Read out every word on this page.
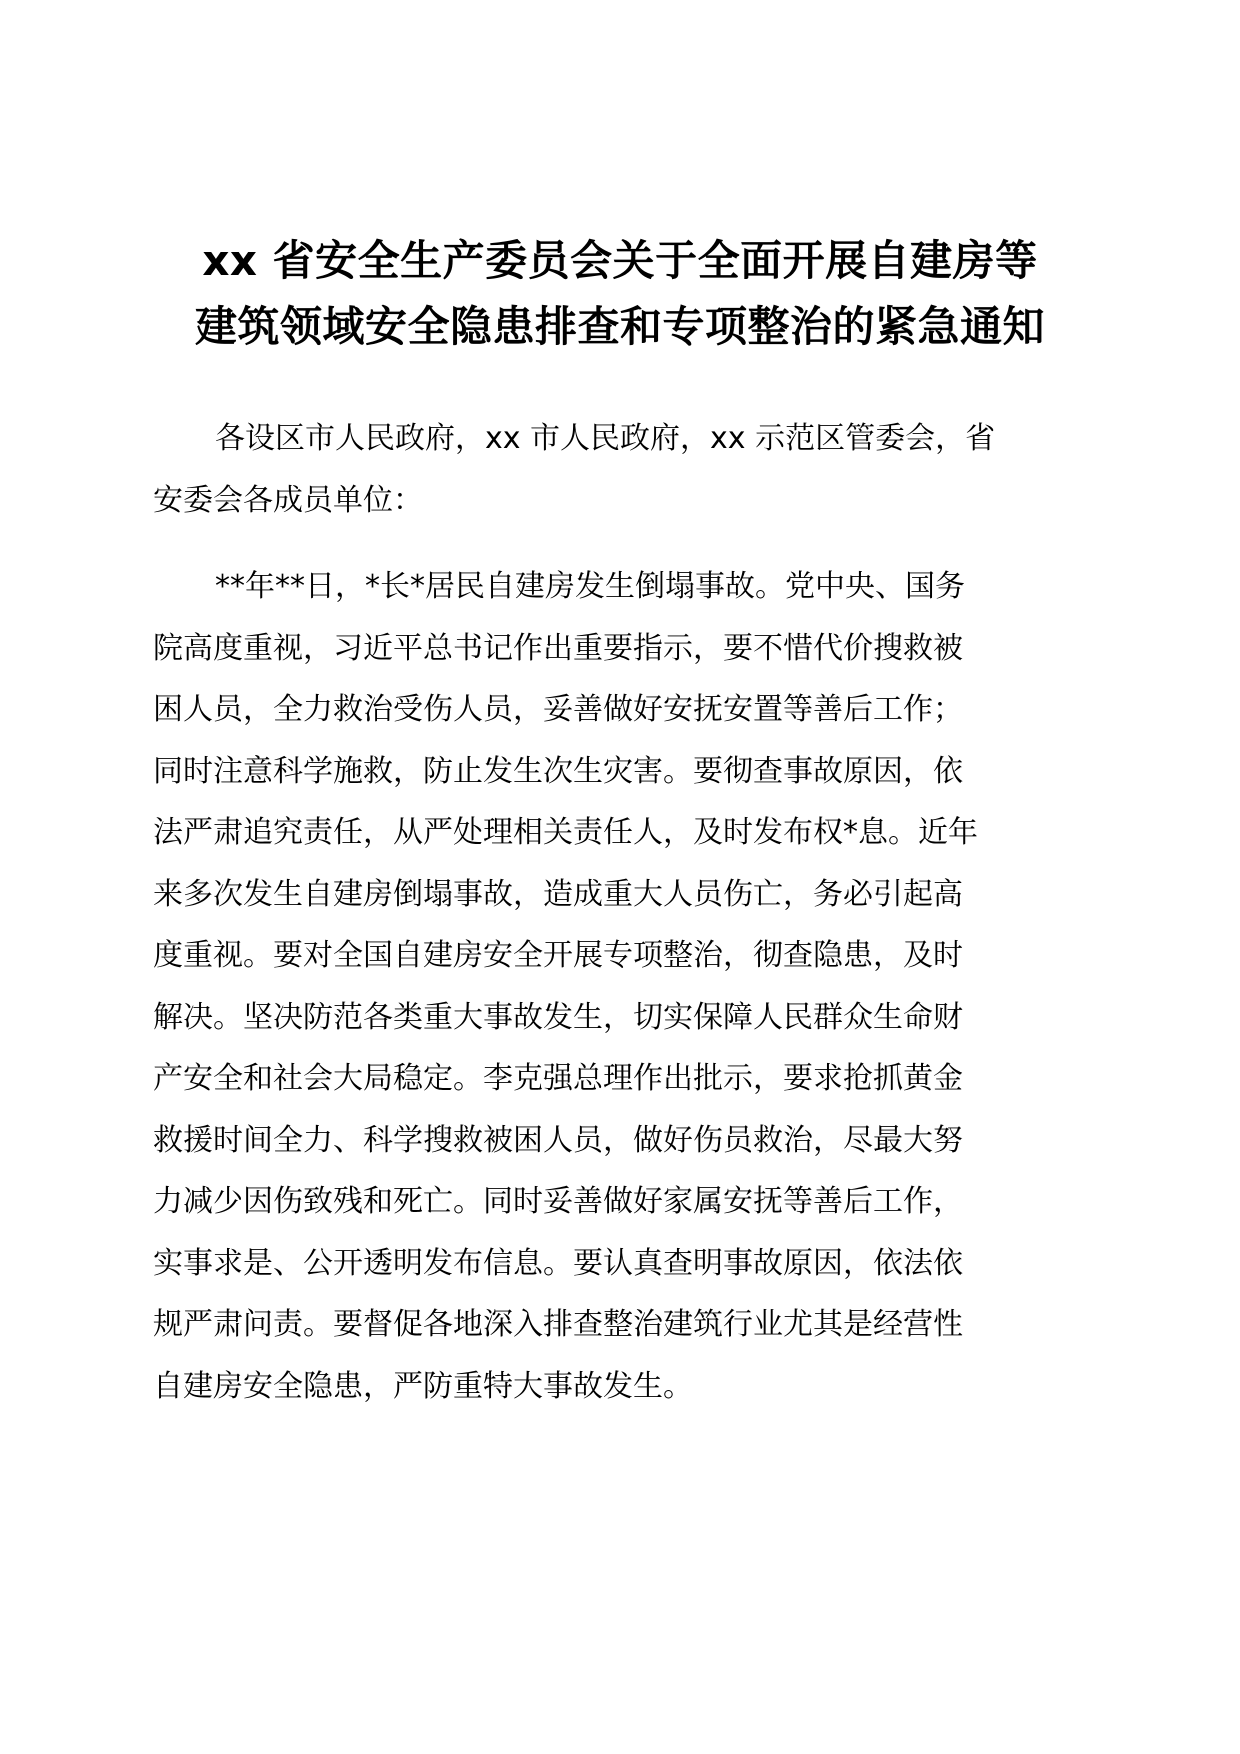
xx 省安全生产委员会关于全面开展自建房等
建筑领域安全隐患排查和专项整治的紧急通知
各设区市人民政府，xx 市人民政府，xx 示范区管委会，省
安委会各成员单位：
**年**日，*长*居民自建房发生倒塌事故。党中央、国务
院高度重视，习近平总书记作出重要指示，要不惜代价搜救被
困人员，全力救治受伤人员，妥善做好安抚安置等善后工作；
同时注意科学施救，防止发生次生灾害。要彻查事故原因，依
法严肃追究责任，从严处理相关责任人，及时发布权*息。近年
来多次发生自建房倒塌事故，造成重大人员伤亡，务必引起高
度重视。要对全国自建房安全开展专项整治，彻查隐患，及时
解决。坚决防范各类重大事故发生，切实保障人民群众生命财
产安全和社会大局稳定。李克强总理作出批示，要求抢抓黄金
救援时间全力、科学搜救被困人员，做好伤员救治，尽最大努
力减少因伤致残和死亡。同时妥善做好家属安抚等善后工作，
实事求是、公开透明发布信息。要认真查明事故原因，依法依
规严肃问责。要督促各地深入排查整治建筑行业尤其是经营性
自建房安全隐患，严防重特大事故发生。
